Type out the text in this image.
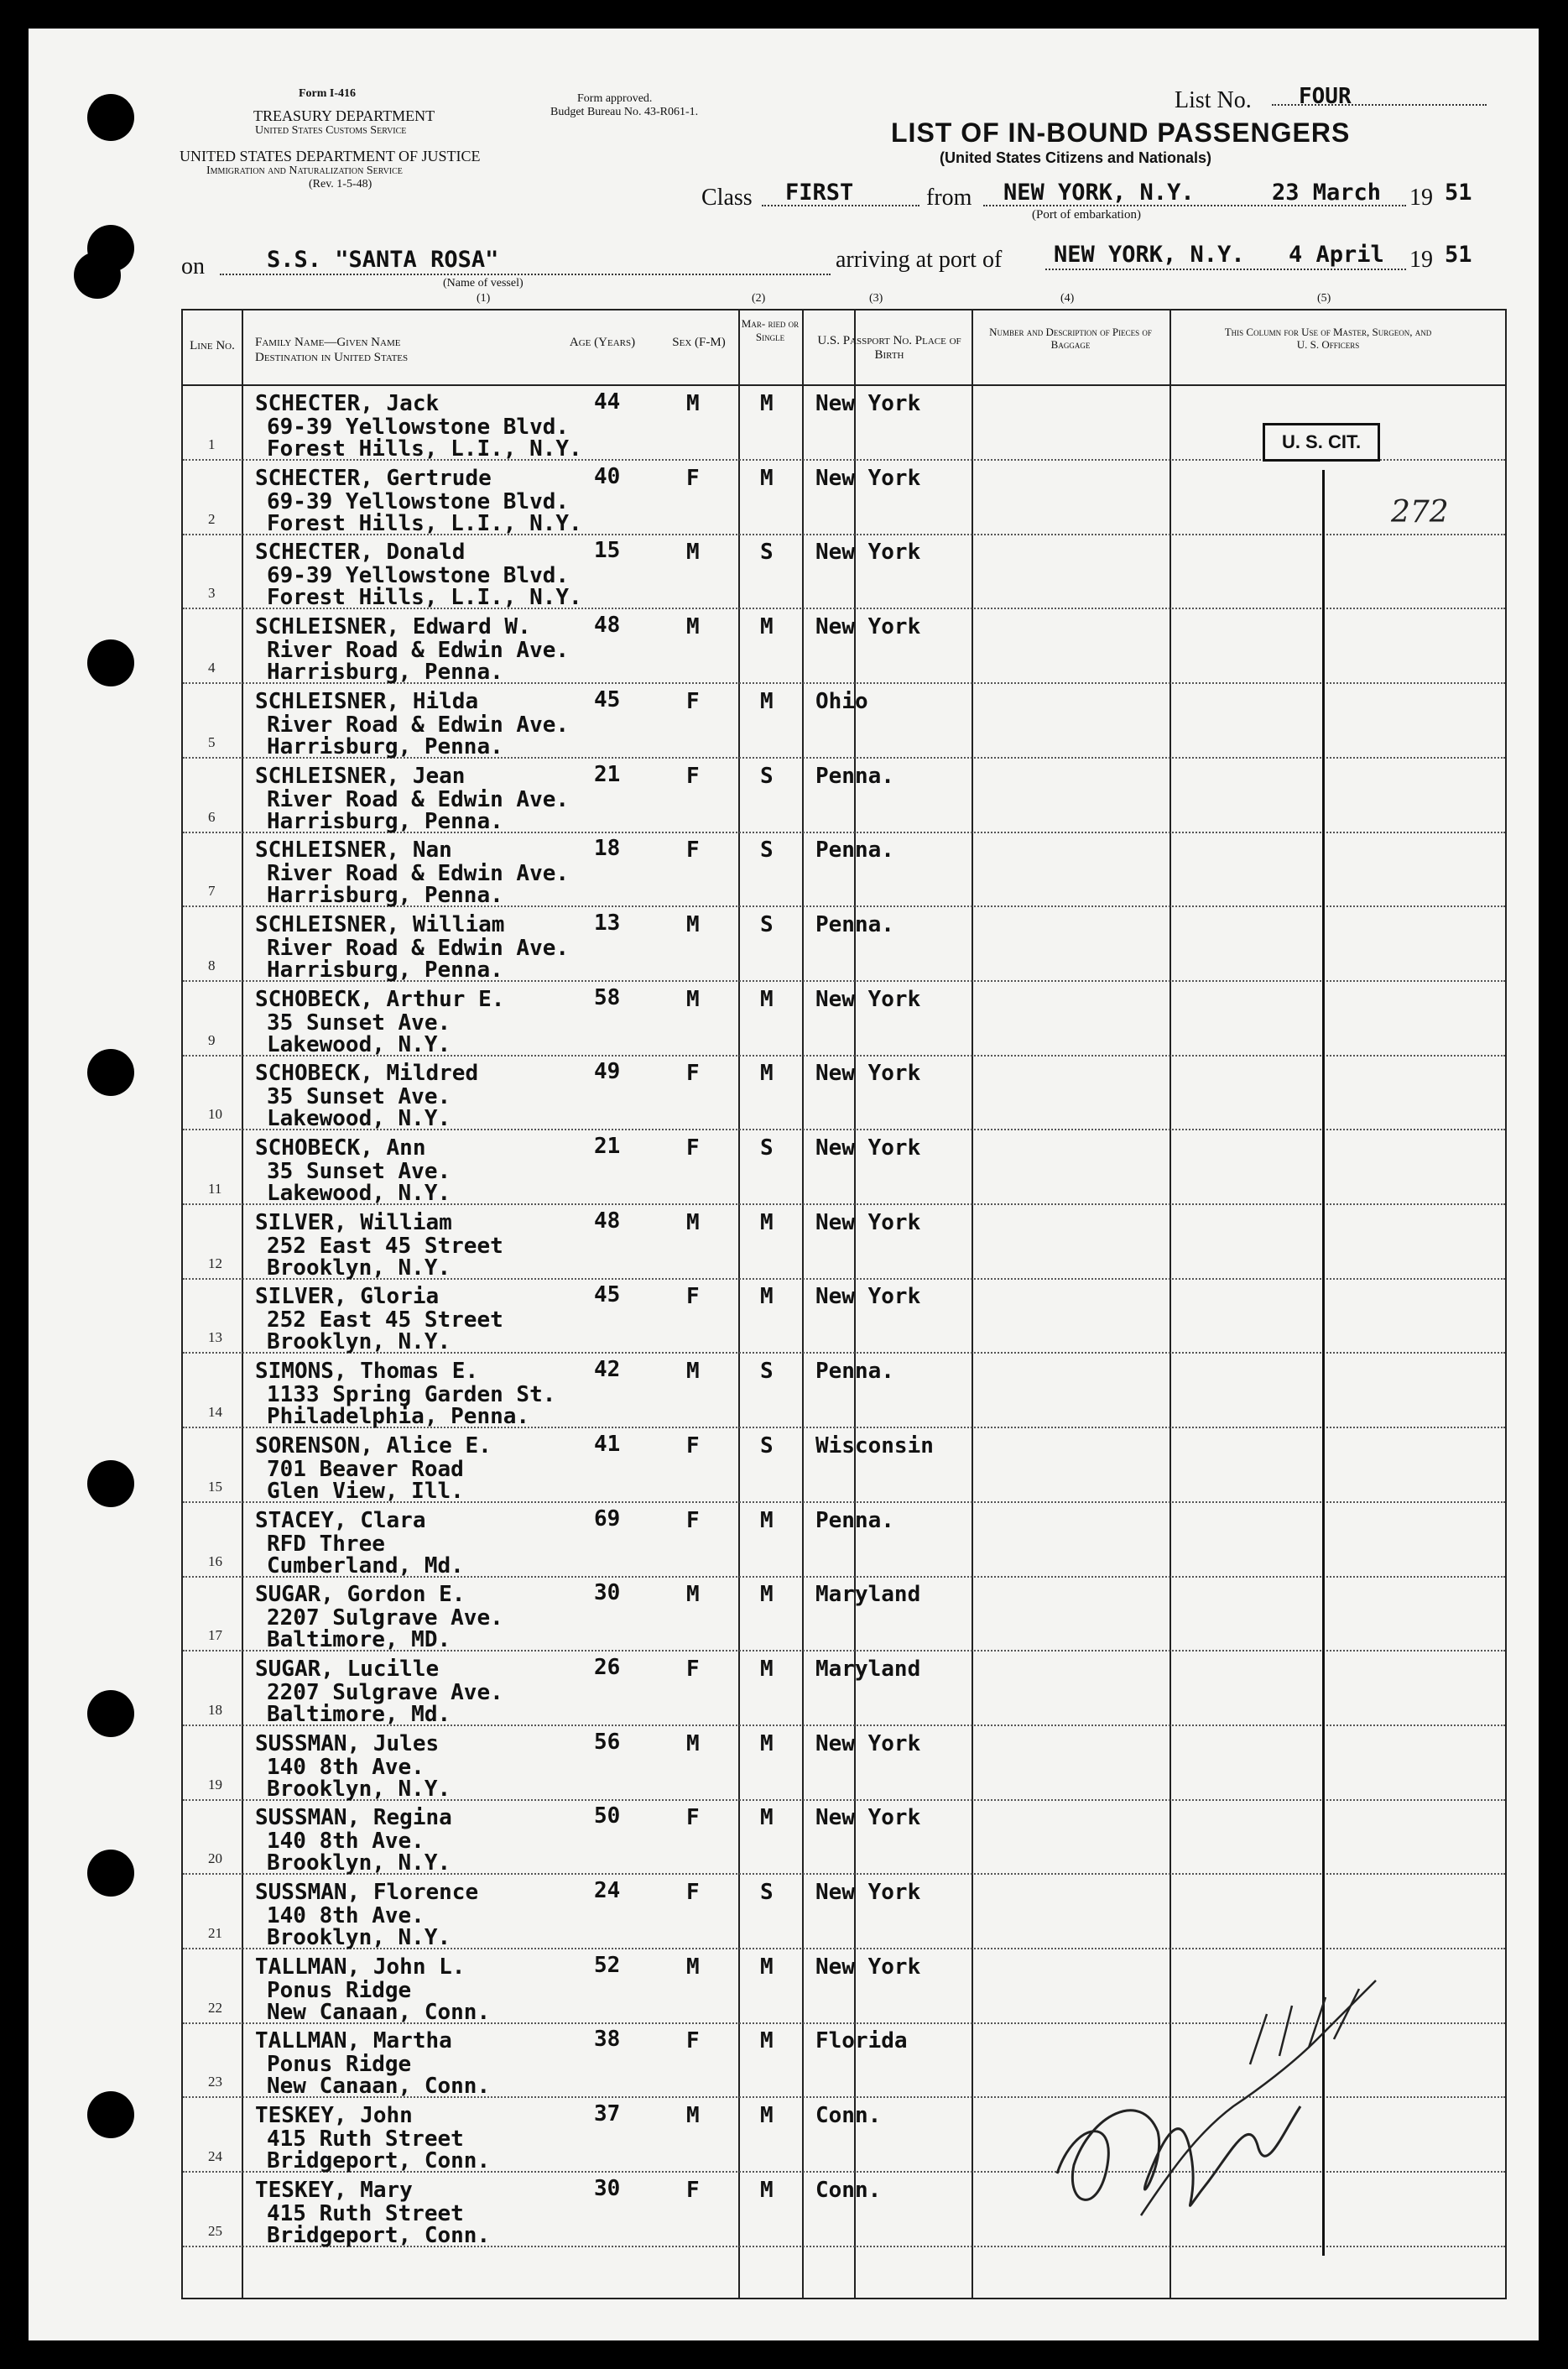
Form I-416
TREASURY DEPARTMENT
United States Customs Service
UNITED STATES DEPARTMENT OF JUSTICE
Immigration and Naturalization Service
(Rev. 1-5-48)
Form approved.
Budget Bureau No. 43-R061-1.	List No. FOUR
LIST OF IN-BOUND PASSENGERS
(United States Citizens and Nationals)
Class FIRST	from NEW YORK, N.Y.	23 March 19 51
(Port of embarkation)
on	S.S. "SANTA ROSA"
(Name of vessel)
(1)
arriving at port of NEW YORK, N.Y. 4 April 19 51
(2)	(3)	(4)	(5)
Line No. Family Name—Given Name
Destination in United States
Age (Years)	Sex (F-M)
Mar- ried or Single	U.S. Passport No. Place of Birth
Number and Description of Pieces of Baggage
This Column for Use of Master, Surgeon, and U. S. Officers
1
SCHECTER, Jack
69-39 Yellowstone Blvd.
Forest Hills, L.I., N.Y.
44	M	M New York
2
SCHECTER, Gertrude
69-39 Yellowstone Blvd.
Forest Hills, L.I., N.Y.
40	F	M New York
3
SCHECTER, Donald
69-39 Yellowstone Blvd.
Forest Hills, L.I., N.Y.
15	M	S New York
4
SCHLEISNER, Edward W.
River Road & Edwin Ave.
Harrisburg, Penna.
48	M	M New York
5
SCHLEISNER, Hilda
River Road & Edwin Ave.
Harrisburg, Penna.
45	F	M Ohio
6
SCHLEISNER, Jean
River Road & Edwin Ave.
Harrisburg, Penna.
21	F	S Penna.
7
SCHLEISNER, Nan
River Road & Edwin Ave.
Harrisburg, Penna.
18	F	S Penna.
8
SCHLEISNER, William
River Road & Edwin Ave.
Harrisburg, Penna.
13	M	S Penna.
9
SCHOBECK, Arthur E.
35 Sunset Ave.
Lakewood, N.Y.
58	M	M New York
10
SCHOBECK, Mildred
35 Sunset Ave.
Lakewood, N.Y.
49	F	M New York
11
SCHOBECK, Ann
35 Sunset Ave.
Lakewood, N.Y.
21	F	S New York
12
SILVER, William
252 East 45 Street
Brooklyn, N.Y.
48	M	M New York
13
SILVER, Gloria
252 East 45 Street
Brooklyn, N.Y.
45	F	M New York
14
SIMONS, Thomas E.
1133 Spring Garden St.
Philadelphia, Penna.
42	M	S Penna.
15
SORENSON, Alice E.
701 Beaver Road
Glen View, Ill.
41	F	S Wisconsin
16
STACEY, Clara
RFD Three
Cumberland, Md.
69	F	M Penna.
17
SUGAR, Gordon E.
2207 Sulgrave Ave.
Baltimore, MD.
30	M	M Maryland
18
SUGAR, Lucille
2207 Sulgrave Ave.
Baltimore, Md.
26	F	M Maryland
19
SUSSMAN, Jules
140 8th Ave.
Brooklyn, N.Y.
56	M	M New York
20
SUSSMAN, Regina
140 8th Ave.
Brooklyn, N.Y.
50	F	M New York
21
SUSSMAN, Florence
140 8th Ave.
Brooklyn, N.Y.
24	F	S New York
22
TALLMAN, John L.
Ponus Ridge
New Canaan, Conn.
52	M	M New York
23
TALLMAN, Martha
Ponus Ridge
New Canaan, Conn.
38	F	M Florida
24
TESKEY, John
415 Ruth Street
Bridgeport, Conn.
37	M	M Conn.
25
TESKEY, Mary
415 Ruth Street
Bridgeport, Conn.
30	F	M Conn.
U. S. CIT.
272
